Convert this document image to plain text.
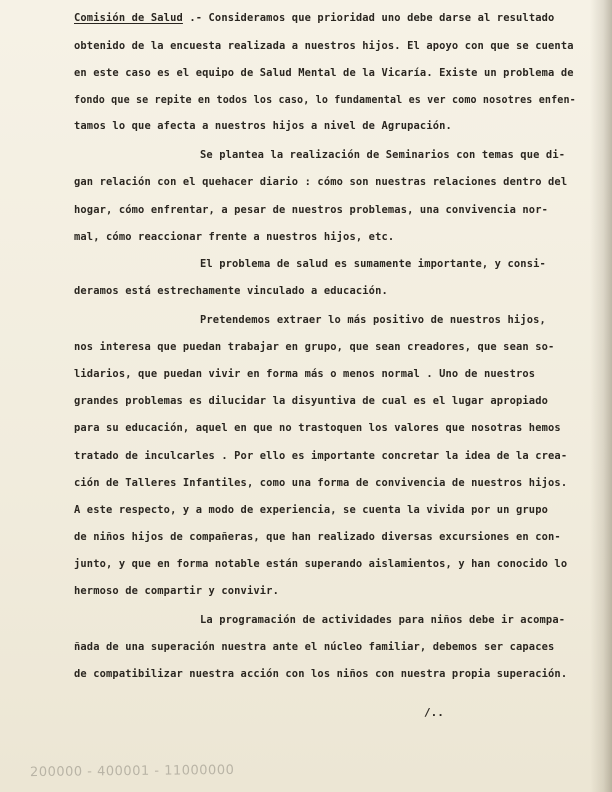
Comisión de Salud .- Consideramos que prioridad uno debe darse al resultado

obtenido de la encuesta realizada a nuestros hijos. El apoyo con que se cuenta

en este caso es el equipo de Salud Mental de la Vicaría. Existe un problema de

fondo que se repite en todos los caso, lo fundamental es ver como nosotres enfen-

tamos lo que afecta a nuestros hijos a nivel de Agrupación.

Se plantea la realización de Seminarios con temas que di-

gan relación con el quehacer diario : cómo son nuestras relaciones dentro del

hogar, cómo enfrentar, a pesar de nuestros problemas, una convivencia nor-

mal, cómo reaccionar frente a nuestros hijos, etc.

El problema de salud es sumamente importante, y consi-

deramos está estrechamente vinculado a educación.

Pretendemos extraer lo más positivo de nuestros hijos,

nos interesa que puedan trabajar en grupo, que sean creadores, que sean so-

lidarios, que puedan vivir en forma más o menos normal . Uno de nuestros

grandes problemas es dilucidar la disyuntiva de cual es el lugar apropiado

para su educación, aquel en que no trastoquen los valores que nosotras hemos

tratado de inculcarles . Por ello es importante concretar la idea de la crea-

ción de Talleres Infantiles, como una forma de convivencia de nuestros hijos.

A este respecto, y a modo de experiencia, se cuenta la vivida por un grupo

de niños hijos de compañeras, que han realizado diversas excursiones en con-

junto, y que en forma notable están superando aislamientos, y han conocido lo

hermoso de compartir y convivir.

La programación de actividades para niños debe ir acompa-

ñada de una superación nuestra ante el núcleo familiar, debemos ser capaces

de compatibilizar nuestra acción con los niños con nuestra propia superación.

/..
200000 - 400001 - 11000000
